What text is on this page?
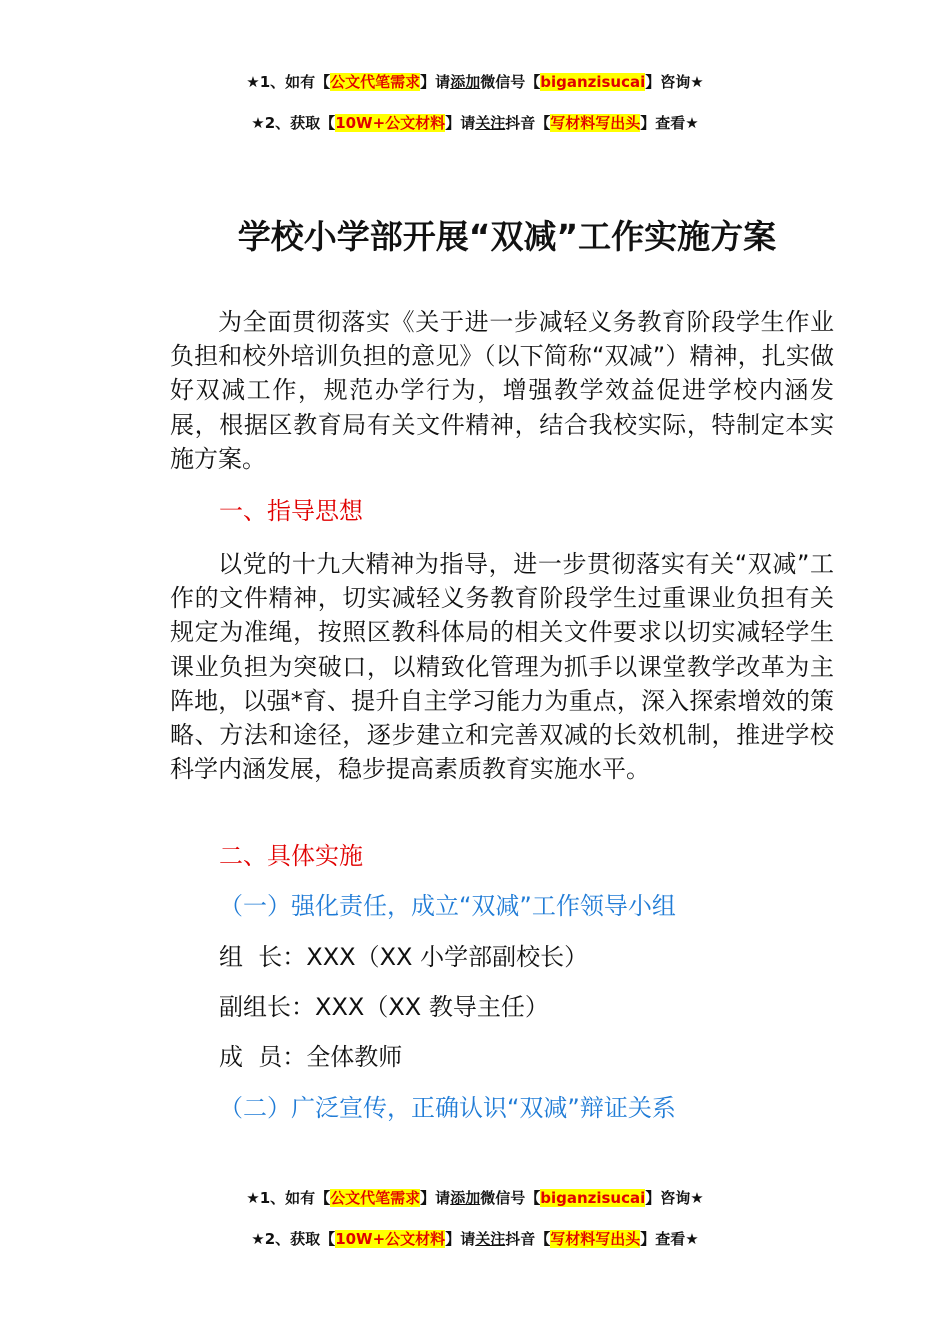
★1、如有【公文代笔需求】请添加微信号【biganzisucai】咨询★
★2、获取【10W+公文材料】请关注抖音【写材料写出头】查看★
学校小学部开展“双减”工作实施方案
为全面贯彻落实《关于进一步减轻义务教育阶段学生作业负担和校外培训负担的意见》（以下简称“双减”）精神，扎实做好双减工作，规范办学行为，增强教学效益促进学校内涵发展，根据区教育局有关文件精神，结合我校实际，特制定本实施方案。
一、指导思想
以党的十九大精神为指导，进一步贯彻落实有关“双减”工作的文件精神，切实减轻义务教育阶段学生过重课业负担有关规定为准绳，按照区教科体局的相关文件要求以切实减轻学生课业负担为突破口，以精致化管理为抓手以课堂教学改革为主阵地，以强*育、提升自主学习能力为重点，深入探索增效的策略、方法和途径，逐步建立和完善双减的长效机制，推进学校科学内涵发展，稳步提高素质教育实施水平。
二、具体实施
（一）强化责任，成立“双减”工作领导小组
组  长：XXX（XX 小学部副校长）
副组长：XXX（XX 教导主任）
成  员：全体教师
（二）广泛宣传，正确认识“双减”辩证关系
★1、如有【公文代笔需求】请添加微信号【biganzisucai】咨询★
★2、获取【10W+公文材料】请关注抖音【写材料写出头】查看★
